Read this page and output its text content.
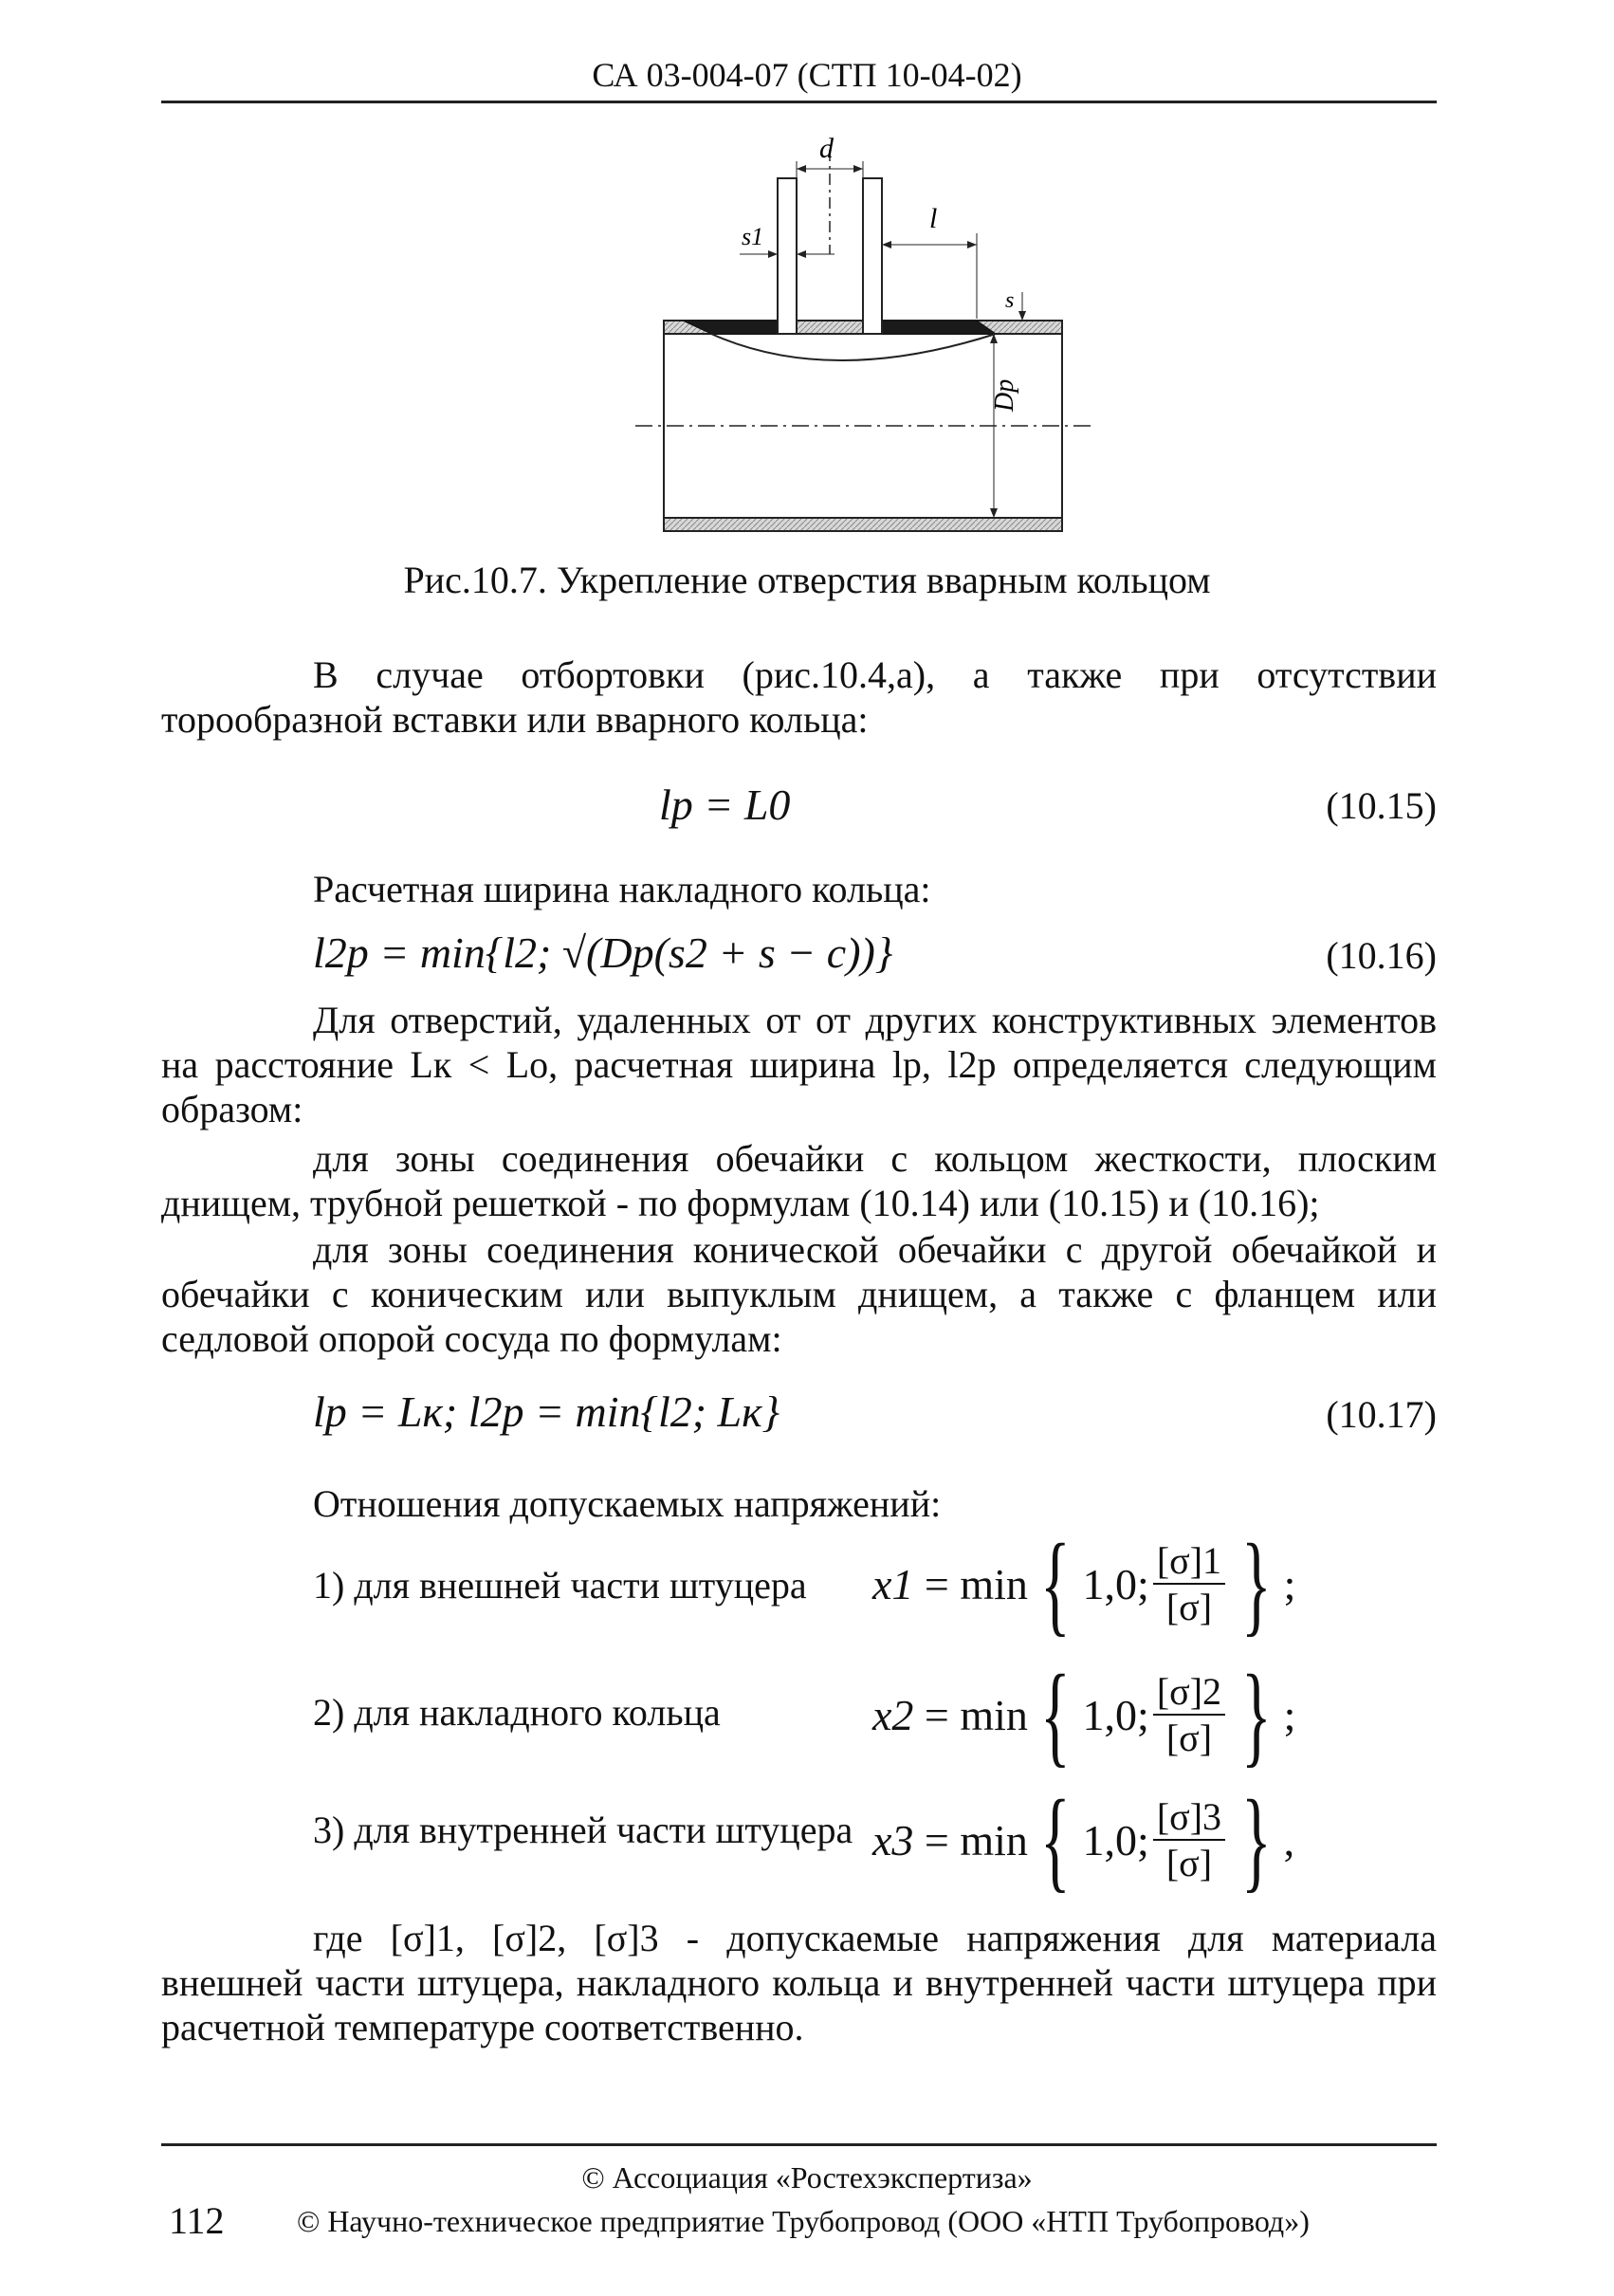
СА 03-004-07 (СТП 10-04-02)
d
s1
l
s
Dp
Рис.10.7. Укрепление отверстия вварным кольцом
В случае отбортовки (рис.10.4,а), а также при отсутствии торообразной вставки или вварного кольца:
lp = L0	(10.15)
Расчетная ширина накладного кольца:
l2p = min{l2; √(Dp(s2 + s − c))}	(10.16)
Для отверстий, удаленных от от других конструктивных элементов на расстояние Lк < Lo, расчетная ширина lp, l2p определяется следующим образом:
для зоны соединения обечайки с кольцом жесткости, плоским днищем, трубной решеткой - по формулам (10.14) или (10.15) и (10.16);
для зоны соединения конической обечайки с другой обечайкой и обечайки с коническим или выпуклым днищем, а также с фланцем или седловой опорой сосуда по формулам:
lp = Lк; l2p = min{l2; Lк}	(10.17)
Отношения допускаемых напряжений:
1) для внешней части штуцера x1 = min { 1,0; $\frac{[\sigma]1}{[\sigma]}$ } ;
2) для накладного кольца	x2 = min { 1,0; $\frac{[\sigma]2}{[\sigma]}$ } ;
3) для внутренней части штуцера x3 = min { 1,0; $\frac{[\sigma]3}{[\sigma]}$ } ,
где [σ]1, [σ]2, [σ]3 - допускаемые напряжения для материала внешней части штуцера, накладного кольца и внутренней части штуцера при расчетной температуре соответственно.
© Ассоциация «Ростехэкспертиза»
112 © Научно-техническое предприятие Трубопровод (ООО «НТП Трубопровод»)
